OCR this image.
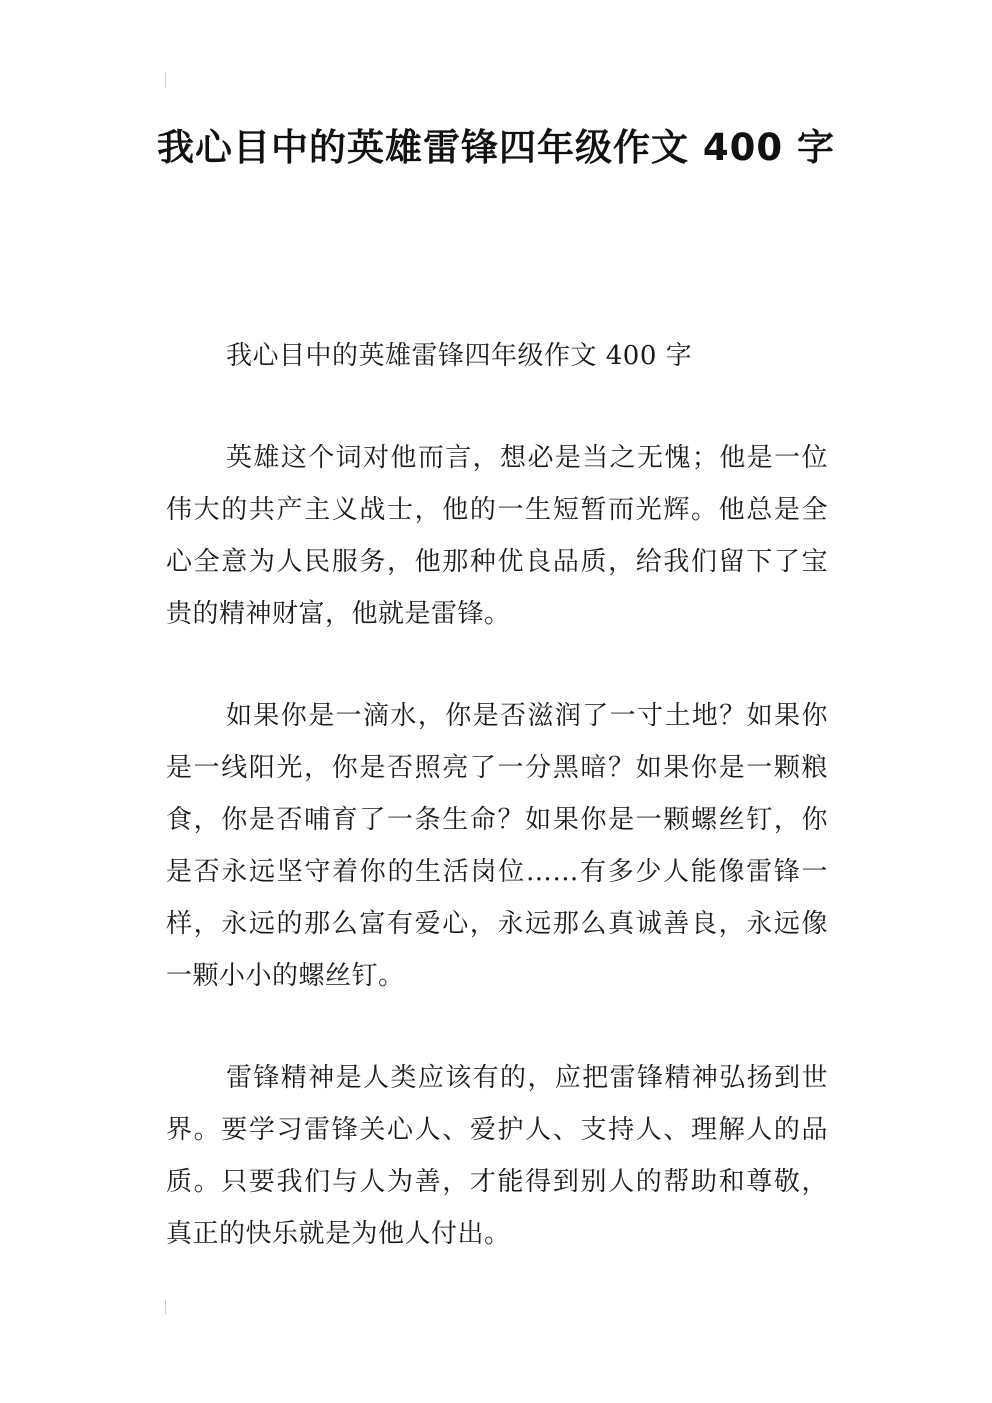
我心目中的英雄雷锋四年级作文 400 字

我心目中的英雄雷锋四年级作文 400 字

英雄这个词对他而言，想必是当之无愧；他是一位伟大的共产主义战士，他的一生短暂而光辉。他总是全心全意为人民服务，他那种优良品质，给我们留下了宝贵的精神财富，他就是雷锋。

如果你是一滴水，你是否滋润了一寸土地？如果你是一线阳光，你是否照亮了一分黑暗？如果你是一颗粮食，你是否哺育了一条生命？如果你是一颗螺丝钉，你是否永远坚守着你的生活岗位……有多少人能像雷锋一样，永远的那么富有爱心，永远那么真诚善良，永远像一颗小小的螺丝钉。

雷锋精神是人类应该有的，应把雷锋精神弘扬到世界。要学习雷锋关心人、爱护人、支持人、理解人的品质。只要我们与人为善，才能得到别人的帮助和尊敬，真正的快乐就是为他人付出。
